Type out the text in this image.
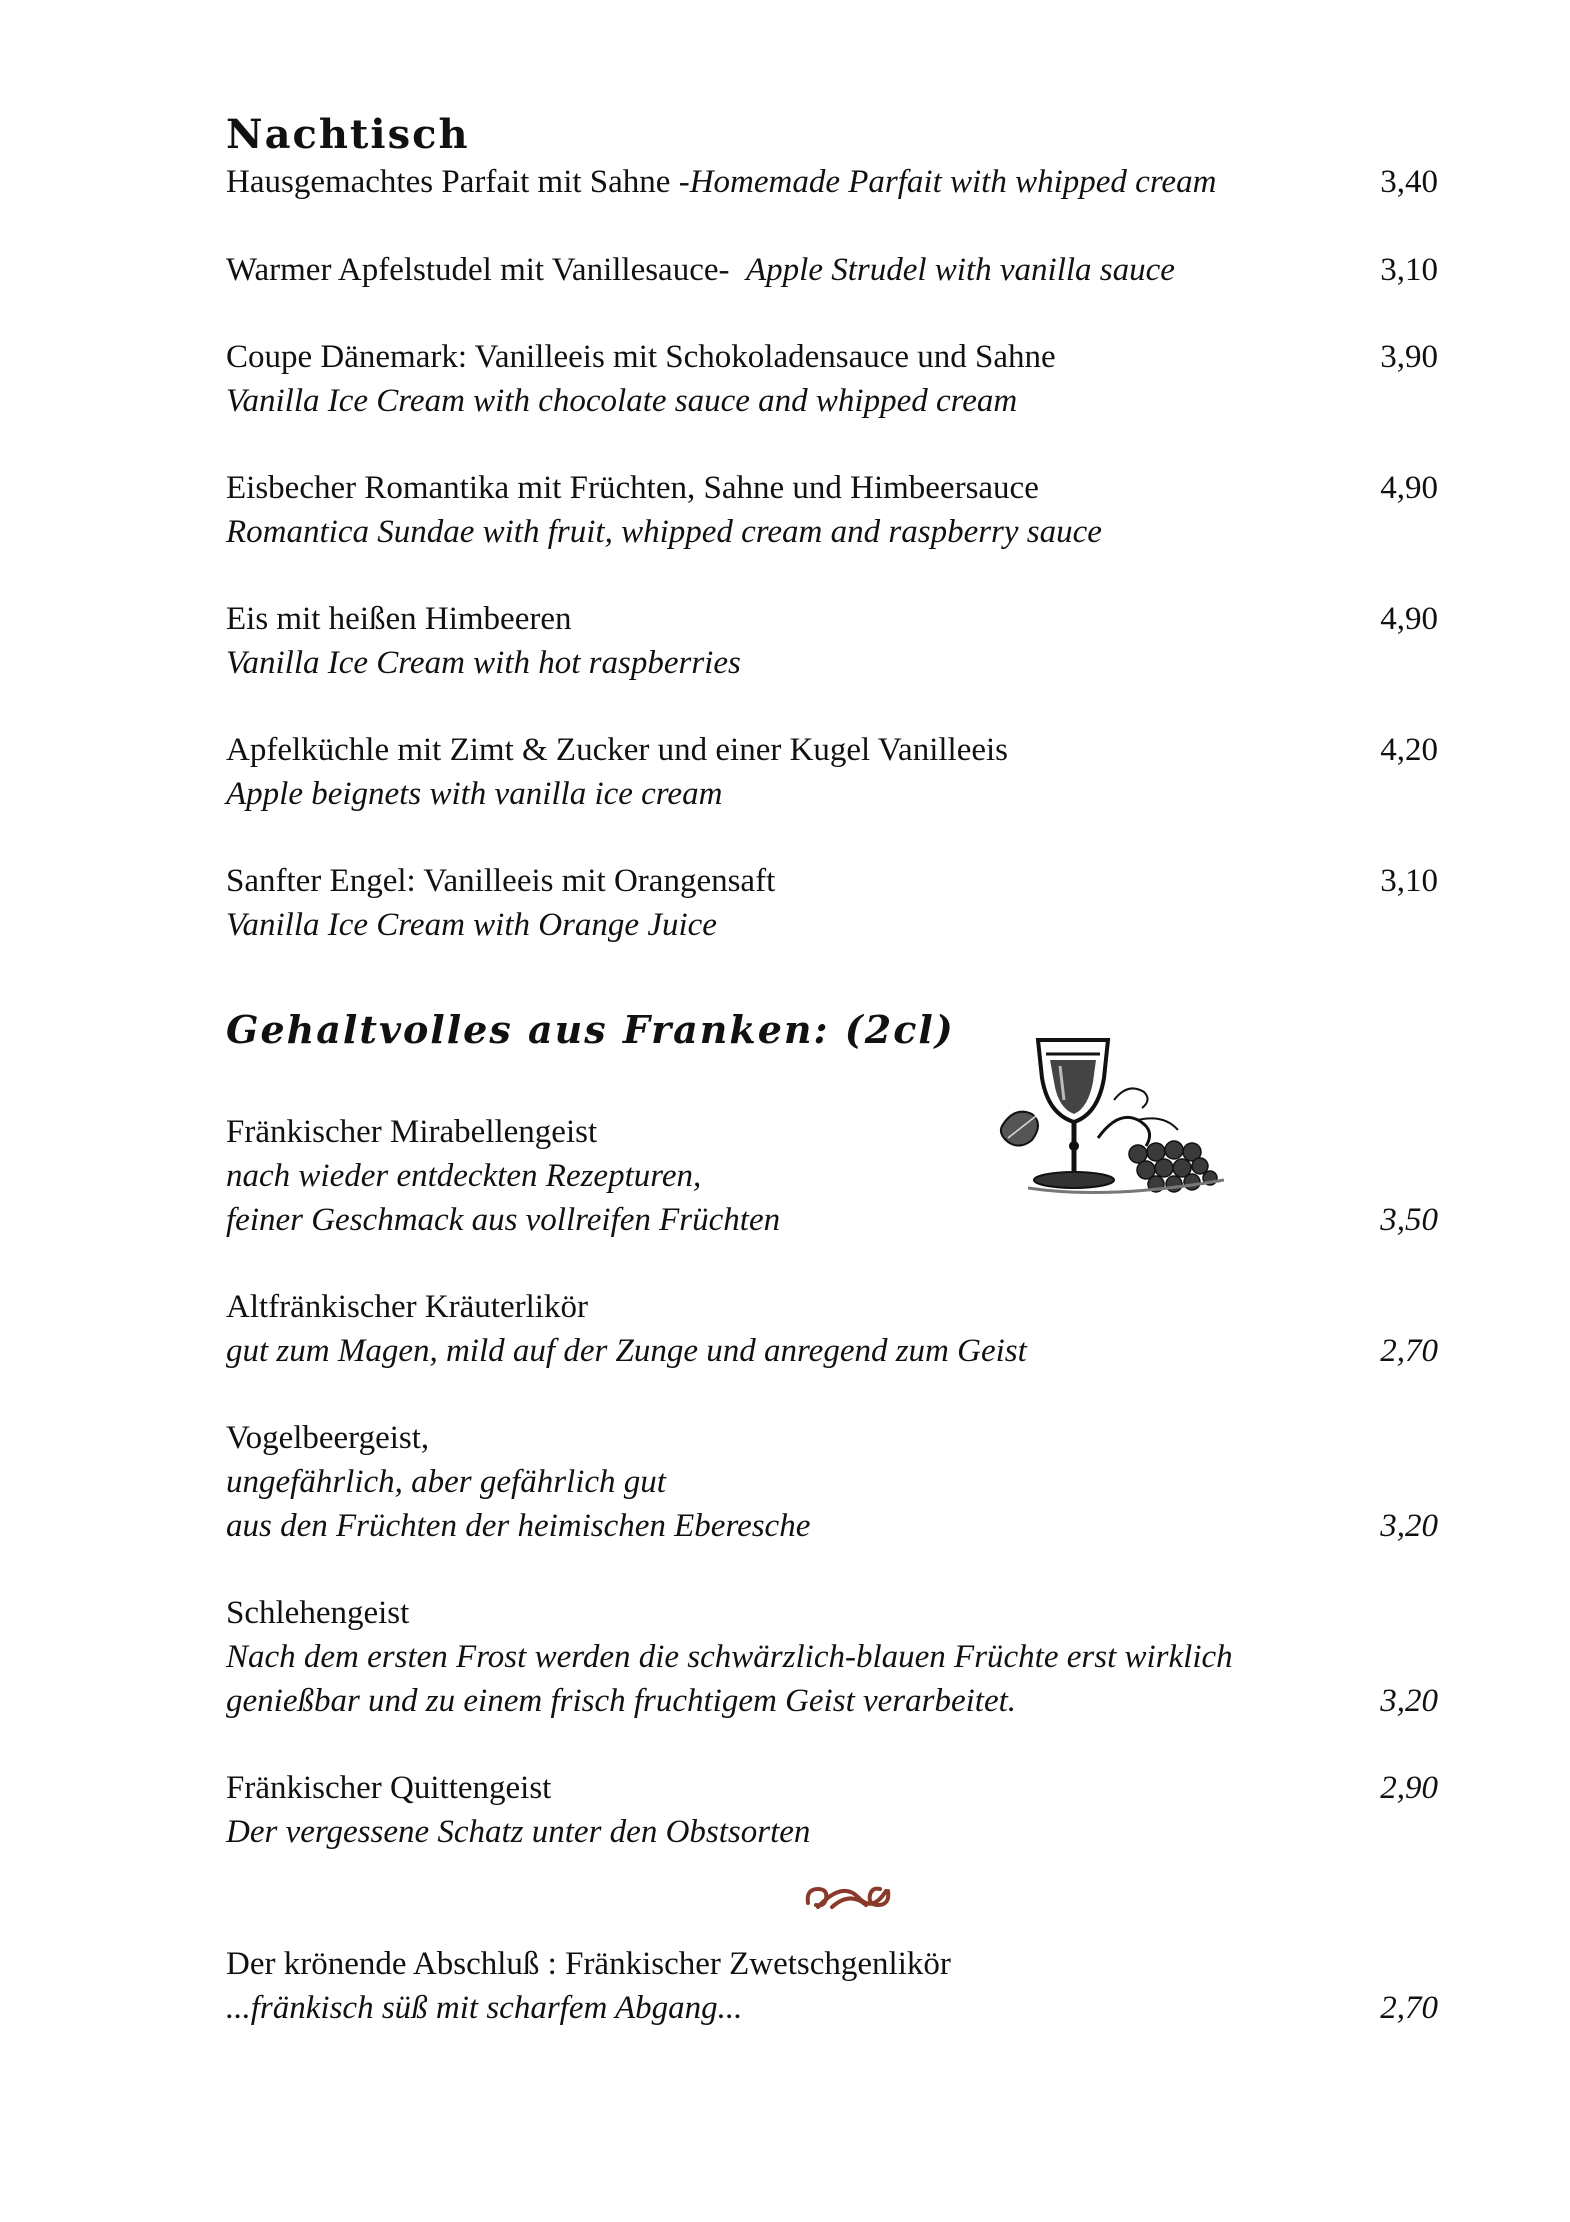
Nachtisch
Hausgemachtes Parfait mit Sahne -Homemade Parfait with whipped cream	3,40
Warmer Apfelstudel mit Vanillesauce-  Apple Strudel with vanilla sauce	3,10
Coupe Dänemark: Vanilleeis mit Schokoladensauce und Sahne	3,90
Vanilla Ice Cream with chocolate sauce and whipped cream
Eisbecher Romantika mit Früchten, Sahne und Himbeersauce	4,90
Romantica Sundae with fruit, whipped cream and raspberry sauce
Eis mit heißen Himbeeren	4,90
Vanilla Ice Cream with hot raspberries
Apfelküchle mit Zimt & Zucker und einer Kugel Vanilleeis	4,20
Apple beignets with vanilla ice cream
Sanfter Engel: Vanilleeis mit Orangensaft	3,10
Vanilla Ice Cream with Orange Juice
Gehaltvolles aus Franken: (2cl)
Fränkischer Mirabellengeist
nach wieder entdeckten Rezepturen,
feiner Geschmack aus vollreifen Früchten	3,50
Altfränkischer Kräuterlikör
gut zum Magen, mild auf der Zunge und anregend zum Geist	2,70
Vogelbeergeist,
ungefährlich, aber gefährlich gut
aus den Früchten der heimischen Eberesche	3,20
Schlehengeist
Nach dem ersten Frost werden die schwärzlich-blauen Früchte erst wirklich
genießbar und zu einem frisch fruchtigem Geist verarbeitet.	3,20
Fränkischer Quittengeist	2,90
Der vergessene Schatz unter den Obstsorten
Der krönende Abschluß : Fränkischer Zwetschgenlikör
...fränkisch süß mit scharfem Abgang...	2,70
